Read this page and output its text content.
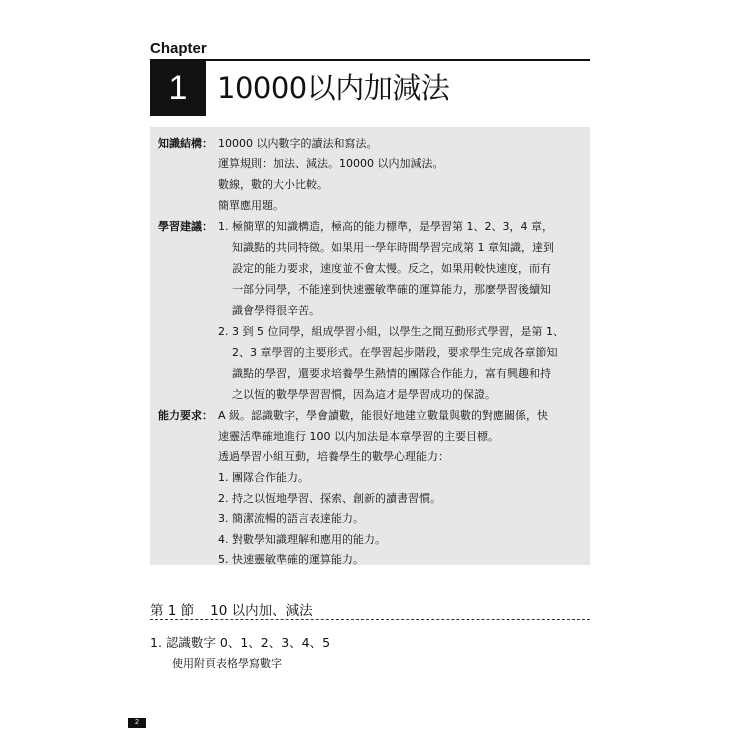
Chapter
1	10000以内加減法
知識結構： 10000 以内數字的讀法和寫法。
運算規則：加法、減法。10000 以内加減法。
數線，數的大小比較。
簡單應用題。
學習建議： 1. 極簡單的知識構造，極高的能力標準，是學習第 1、2、3，4 章，
知識點的共同特徵。如果用一學年時間學習完成第 1 章知識，達到
設定的能力要求，速度並不會太慢。反之，如果用較快速度，而有
一部分同學，不能達到快速靈敏準確的運算能力，那麼學習後續知
識會學得很辛苦。
2. 3 到 5 位同學，組成學習小組，以學生之間互動形式學習，是第 1、
2、3 章學習的主要形式。在學習起步階段，要求學生完成各章節知
識點的學習，還要求培養學生熱情的團隊合作能力，富有興趣和持
之以恆的數學學習習慣，因為這才是學習成功的保證。
能力要求： A 級。認識數字，學會讀數，能很好地建立數量與數的對應關係，快
速靈活準確地進行 100 以内加法是本章學習的主要目標。
透過學習小組互動，培養學生的數學心理能力：
1. 團隊合作能力。
2. 持之以恆地學習、探索、創新的讀書習慣。
3. 簡潔流暢的語言表達能力。
4. 對數學知識理解和應用的能力。
5. 快速靈敏準確的運算能力。
第 1 節 10 以内加、減法
1. 認識數字 0、1、2、3、4、5
使用附頁表格學寫數字
2
